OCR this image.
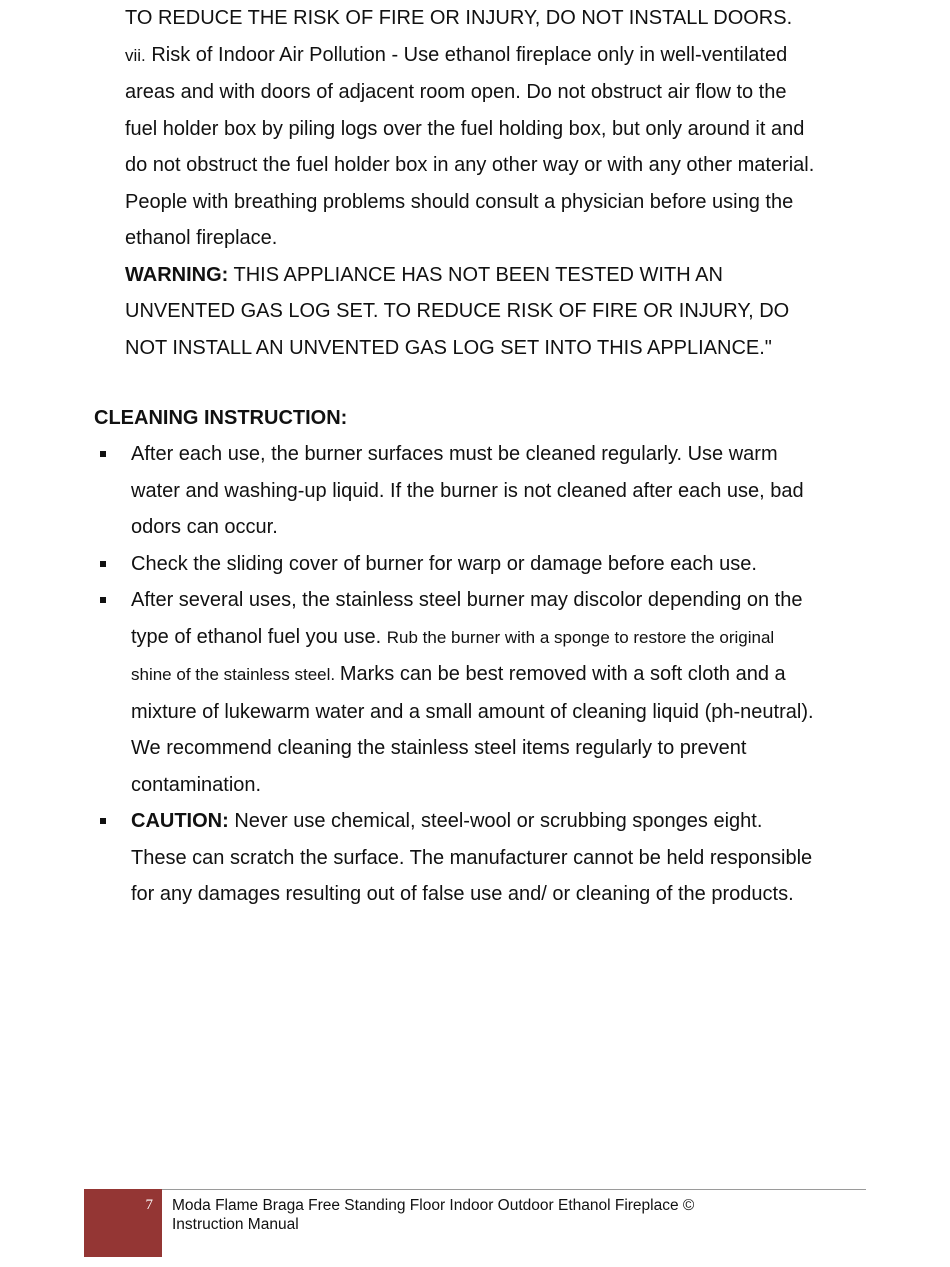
TO REDUCE THE RISK OF FIRE OR INJURY, DO NOT INSTALL DOORS.
vii. Risk of Indoor Air Pollution - Use ethanol fireplace only in well-ventilated
areas and with doors of adjacent room open. Do not obstruct air flow to the
fuel holder box by piling logs over the fuel holding box, but only around it and
do not obstruct the fuel holder box in any other way or with any other material.
People with breathing problems should consult a physician before using the
ethanol fireplace.
WARNING: THIS APPLIANCE HAS NOT BEEN TESTED WITH AN
UNVENTED GAS LOG SET. TO REDUCE RISK OF FIRE OR INJURY, DO
NOT INSTALL AN UNVENTED GAS LOG SET INTO THIS APPLIANCE."
CLEANING INSTRUCTION:
After each use, the burner surfaces must be cleaned regularly. Use warm
water and washing-up liquid. If the burner is not cleaned after each use, bad
odors can occur.
Check the sliding cover of burner for warp or damage before each use.
After several uses, the stainless steel burner may discolor depending on the
type of ethanol fuel you use. Rub the burner with a sponge to restore the original
shine of the stainless steel. Marks can be best removed with a soft cloth and a
mixture of lukewarm water and a small amount of cleaning liquid (ph-neutral).
We recommend cleaning the stainless steel items regularly to prevent
contamination.
CAUTION: Never use chemical, steel-wool or scrubbing sponges eight.
These can scratch the surface. The manufacturer cannot be held responsible
for any damages resulting out of false use and/ or cleaning of the products.
7 Moda Flame Braga Free Standing Floor Indoor Outdoor Ethanol Fireplace ©
Instruction Manual
